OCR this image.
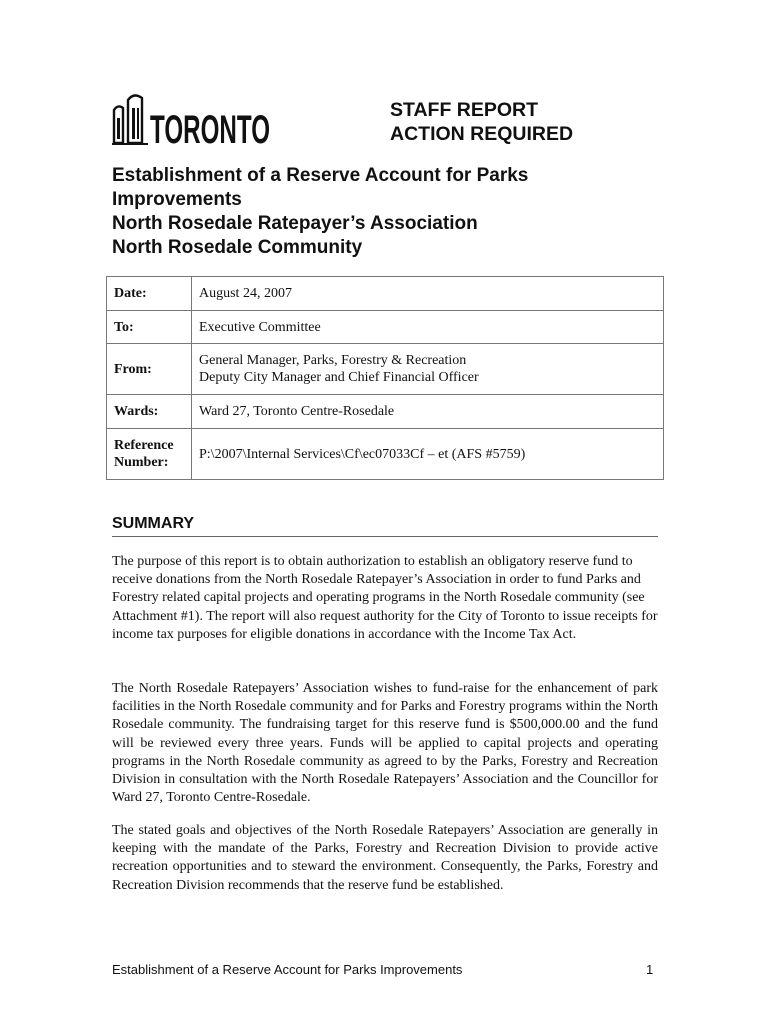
TORONTO	STAFF REPORT
ACTION REQUIRED
Establishment of a Reserve Account for Parks
Improvements
North Rosedale Ratepayer’s Association
North Rosedale Community
Date:	August 24, 2007
To:	Executive Committee
From:	General Manager, Parks, Forestry & Recreation
Deputy City Manager and Chief Financial Officer

Wards:	Ward 27, Toronto Centre-Rosedale

Reference
Number:	P:\2007\Internal Services\Cf\ec07033Cf – et (AFS #5759)
SUMMARY

The purpose of this report is to obtain authorization to establish an obligatory reserve fund to receive donations from the North Rosedale Ratepayer’s Association in order to fund Parks and Forestry related capital projects and operating programs in the North Rosedale community (see Attachment #1). The report will also request authority for the City of Toronto to issue receipts for income tax purposes for eligible donations in accordance with the Income Tax Act.

The North Rosedale Ratepayers’ Association wishes to fund-raise for the enhancement of park facilities in the North Rosedale community and for Parks and Forestry programs within the North Rosedale community. The fundraising target for this reserve fund is $500,000.00 and the fund will be reviewed every three years. Funds will be applied to capital projects and operating programs in the North Rosedale community as agreed to by the Parks, Forestry and Recreation Division in consultation with the North Rosedale Ratepayers’ Association and the Councillor for Ward 27, Toronto Centre-Rosedale.

The stated goals and objectives of the North Rosedale Ratepayers’ Association are generally in keeping with the mandate of the Parks, Forestry and Recreation Division to provide active recreation opportunities and to steward the environment. Consequently, the Parks, Forestry and Recreation Division recommends that the reserve fund be established.

Establishment of a Reserve Account for Parks Improvements	1
